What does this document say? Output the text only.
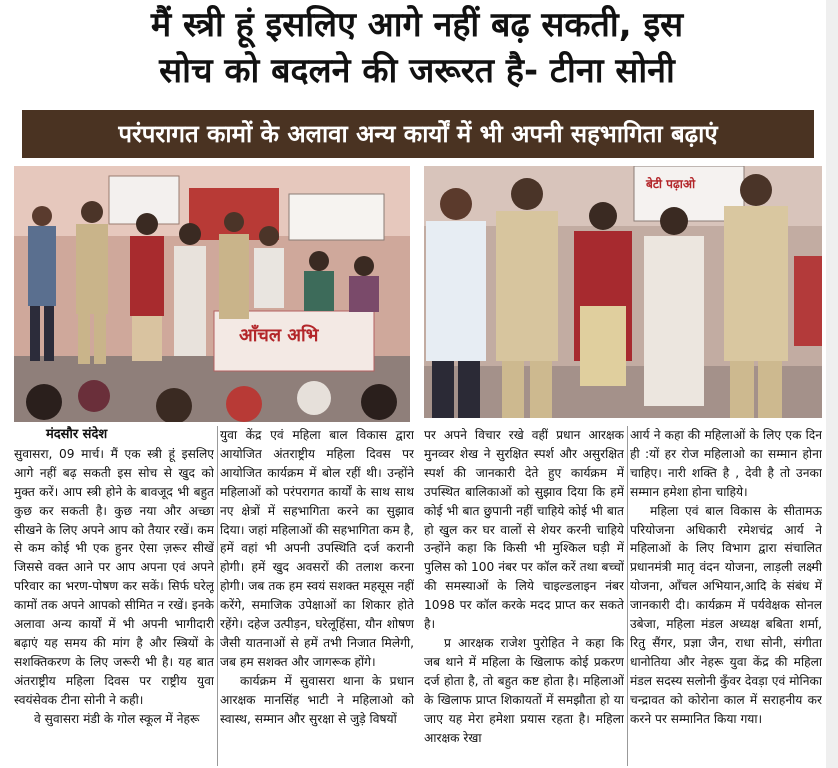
मैं स्त्री हूं इसलिए आगे नहीं बढ़ सकती, इस
सोच को बदलने की जरूरत है- टीना सोनी
परंपरागत कामों के अलावा अन्य कार्यों में भी अपनी सहभागिता बढ़ाएं
आँचल अभि
बेटी पढ़ाओ
मंदसौर संदेश

सुवासरा, 09 मार्च। मैं एक स्त्री हूं इसलिए आगे नहीं बढ़ सकती इस सोच से खुद को मुक्त करें। आप स्त्री होने के बावजूद भी बहुत कुछ कर सकती है। कुछ नया और अच्छा सीखने के लिए अपने आप को तैयार रखें। कम से कम कोई भी एक हुनर ऐसा ज़रूर सीखें जिससे वक्त आने पर आप अपना एवं अपने परिवार का भरण-पोषण कर सकें। सिर्फ घरेलू कामों तक अपने आपको सीमित न रखें। इनके अलावा अन्य कार्यों में भी अपनी भागीदारी बढ़ाएं यह समय की मांग है और स्त्रियों के सशक्तिकरण के लिए जरूरी भी है। यह बात अंतराष्ट्रीय महिला दिवस पर राष्ट्रीय युवा स्वयंसेवक टीना सोनी ने कही।

वे सुवासरा मंडी के गोल स्कूल में नेहरू

युवा केंद्र एवं महिला बाल विकास द्वारा आयोजित अंतराष्ट्रीय महिला दिवस पर आयोजित कार्यक्रम में बोल रहीं थी। उन्होंने महिलाओं को परंपरागत कार्यों के साथ साथ नए क्षेत्रों में सहभागिता करने का सुझाव दिया। जहां महिलाओं की सहभागिता कम है, हमें वहां भी अपनी उपस्थिति दर्ज करानी होगी। हमें खुद अवसरों की तलाश करना होगी। जब तक हम स्वयं सशक्त महसूस नहीं करेंगे, समाजिक उपेक्षाओं का शिकार होते रहेंगे। दहेज उत्पीड़न, घरेलूहिंसा, यौन शोषण जैसी यातनाओं से हमें तभी निजात मिलेगी, जब हम सशक्त और जागरूक होंगे।

कार्यक्रम में सुवासरा थाना के प्रधान आरक्षक मानसिंह भाटी ने महिलाओ को स्वास्थ, सम्मान और सुरक्षा से जुड़े विषयों

पर अपने विचार रखे वहीं प्रधान आरक्षक मुनव्वर शेख ने सुरक्षित स्पर्श और असुरक्षित स्पर्श की जानकारी देते हुए कार्यक्रम में उपस्थित बालिकाओं को सुझाव दिया कि हमें कोई भी बात छुपानी नहीं चाहिये कोई भी बात हो खुल कर घर वालों से शेयर करनी चाहिये उन्होंने कहा कि किसी भी मुश्किल घड़ी में पुलिस को 100 नंबर पर कॉल करें तथा बच्चों की समस्याओं के लिये चाइल्डलाइन नंबर 1098 पर कॉल करके मदद प्राप्त कर सकते है।

प्र आरक्षक राजेश पुरोहित ने कहा कि जब थाने में महिला के खिलाफ कोई प्रकरण दर्ज होता है, तो बहुत कष्ट होता है। महिलाओं के खिलाफ प्राप्त शिकायतों में समझौता हो या जाए यह मेरा हमेशा प्रयास रहता है। महिला आरक्षक रेखा

आर्य ने कहा की महिलाओं के लिए एक दिन ही :यों हर रोज महिलाओ का सम्मान होना चाहिए। नारी शक्ति है , देवी है तो उनका सम्मान हमेशा होना चाहिये।

महिला एवं बाल विकास के सीतामऊ परियोजना अधिकारी रमेशचंद्र आर्य ने महिलाओं के लिए विभाग द्वारा संचालित प्रधानमंत्री मातृ वंदन योजना, लाड़ली लक्ष्मी योजना, आँचल अभियान,आदि के संबंध में जानकारी दी। कार्यक्रम में पर्यवेक्षक सोनल उबेजा, महिला मंडल अध्यक्ष बबिता शर्मा, रितु सैंगर, प्रज्ञा जैन, राधा सोनी, संगीता धानोतिया और नेहरू युवा केंद्र की महिला मंडल सदस्य सलोनी कुँवर देवड़ा एवं मोनिका चन्द्रावत को कोरोना काल में सराहनीय कर करने पर सम्मानित किया गया।
